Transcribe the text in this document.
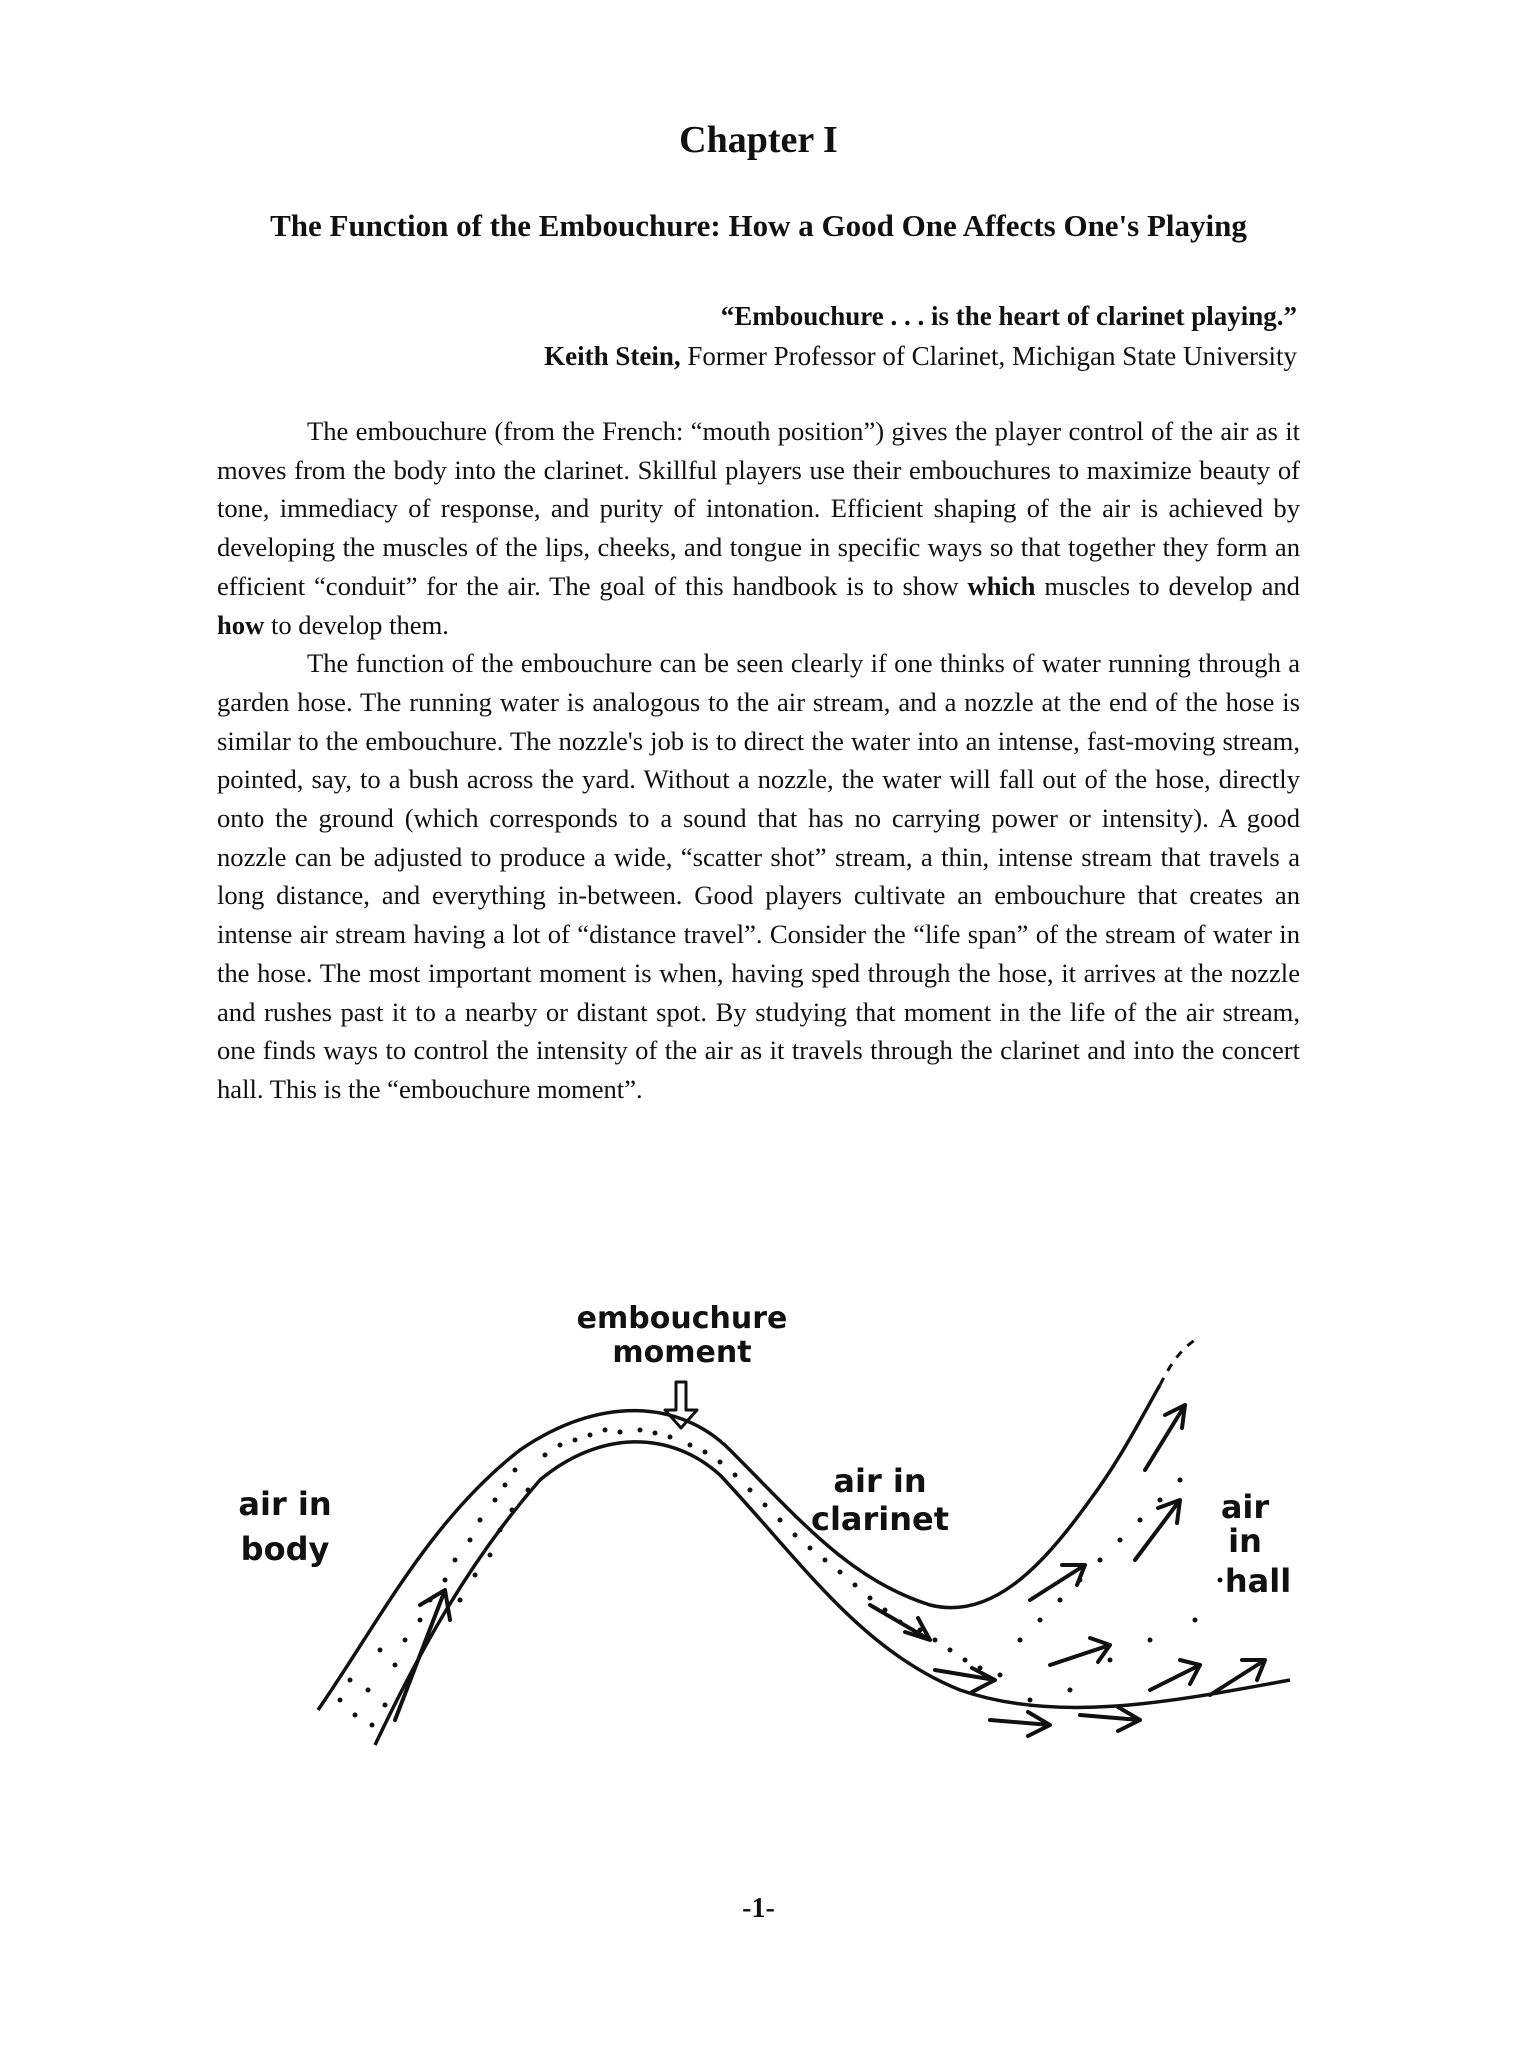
Chapter I
The Function of the Embouchure: How a Good One Affects One's Playing
“Embouchure . . . is the heart of clarinet playing.”
Keith Stein, Former Professor of Clarinet, Michigan State University

The embouchure (from the French: “mouth position”) gives the player control of the air as it moves from the body into the clarinet. Skillful players use their embouchures to maximize beauty of tone, immediacy of response, and purity of intonation. Efficient shaping of the air is achieved by developing the muscles of the lips, cheeks, and tongue in specific ways so that together they form an efficient “conduit” for the air. The goal of this handbook is to show which muscles to develop and how to develop them.

The function of the embouchure can be seen clearly if one thinks of water running through a garden hose. The running water is analogous to the air stream, and a nozzle at the end of the hose is similar to the embouchure. The nozzle's job is to direct the water into an intense, fast-moving stream, pointed, say, to a bush across the yard. Without a nozzle, the water will fall out of the hose, directly onto the ground (which corresponds to a sound that has no carrying power or intensity). A good nozzle can be adjusted to produce a wide, “scatter shot” stream, a thin, intense stream that travels a long distance, and everything in-between. Good players cultivate an embouchure that creates an intense air stream having a lot of “distance travel”. Consider the “life span” of the stream of water in the hose. The most important moment is when, having sped through the hose, it arrives at the nozzle and rushes past it to a nearby or distant spot. By studying that moment in the life of the air stream, one finds ways to control the intensity of the air as it travels through the clarinet and into the concert hall. This is the “embouchure moment”.

embouchure
moment
air in
body
air in
clarinet	air
in
hall
-1-
